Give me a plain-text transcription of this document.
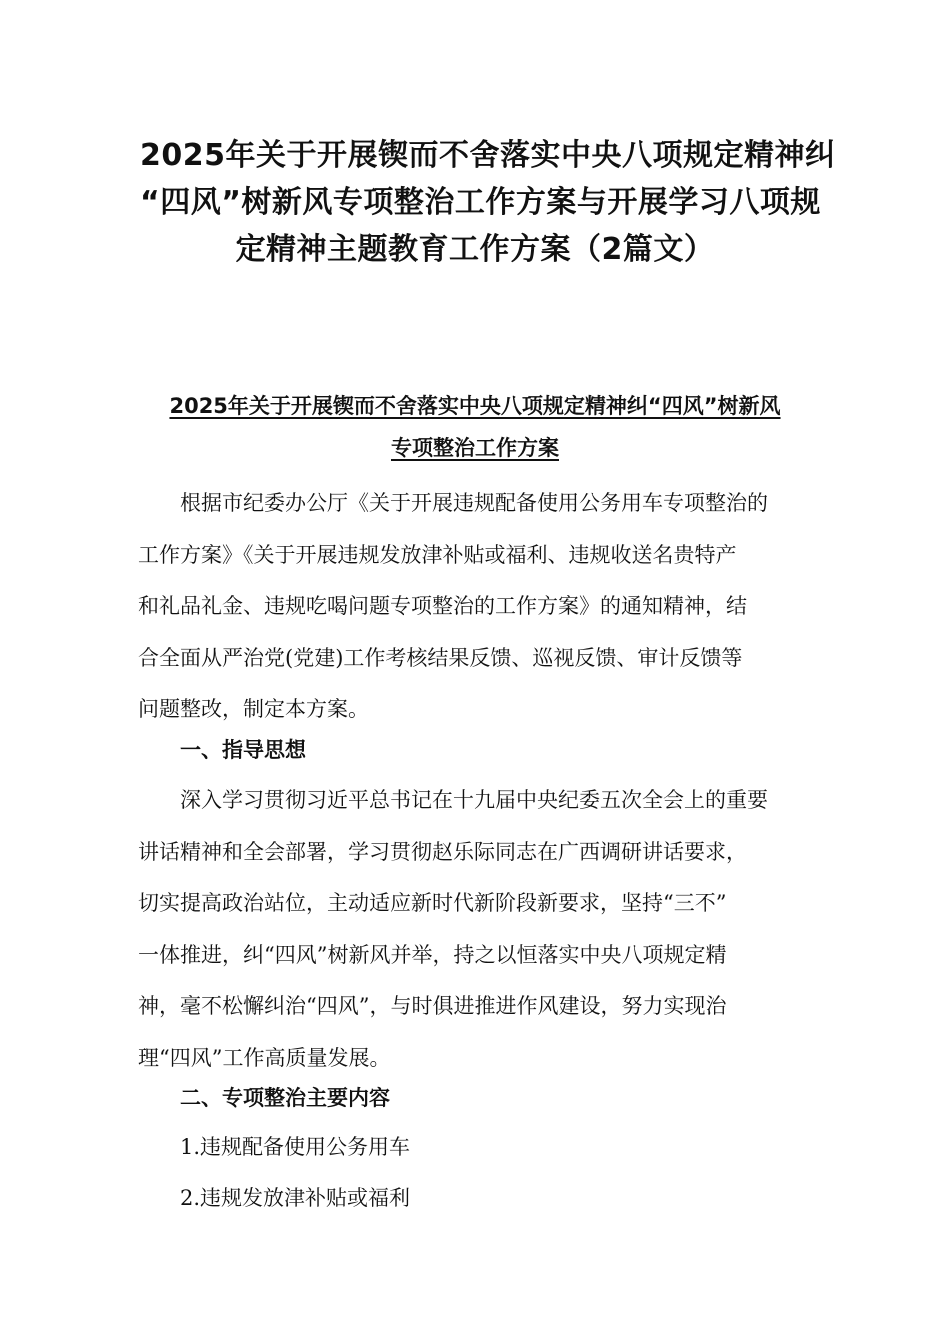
2025年关于开展锲而不舍落实中央八项规定精神纠
“四风”树新风专项整治工作方案与开展学习八项规
定精神主题教育工作方案（2篇文）
2025年关于开展锲而不舍落实中央八项规定精神纠“四风”树新风
专项整治工作方案

根据市纪委办公厅《关于开展违规配备使用公务用车专项整治的
工作方案》《关于开展违规发放津补贴或福利、违规收送名贵特产
和礼品礼金、违规吃喝问题专项整治的工作方案》的通知精神，结
合全面从严治党(党建)工作考核结果反馈、巡视反馈、审计反馈等
问题整改，制定本方案。

一、指导思想

深入学习贯彻习近平总书记在十九届中央纪委五次全会上的重要
讲话精神和全会部署，学习贯彻赵乐际同志在广西调研讲话要求，
切实提高政治站位，主动适应新时代新阶段新要求，坚持“三不”
一体推进，纠“四风”树新风并举，持之以恒落实中央八项规定精
神，毫不松懈纠治“四风”，与时俱进推进作风建设，努力实现治
理“四风”工作高质量发展。

二、专项整治主要内容

1.违规配备使用公务用车

2.违规发放津补贴或福利
